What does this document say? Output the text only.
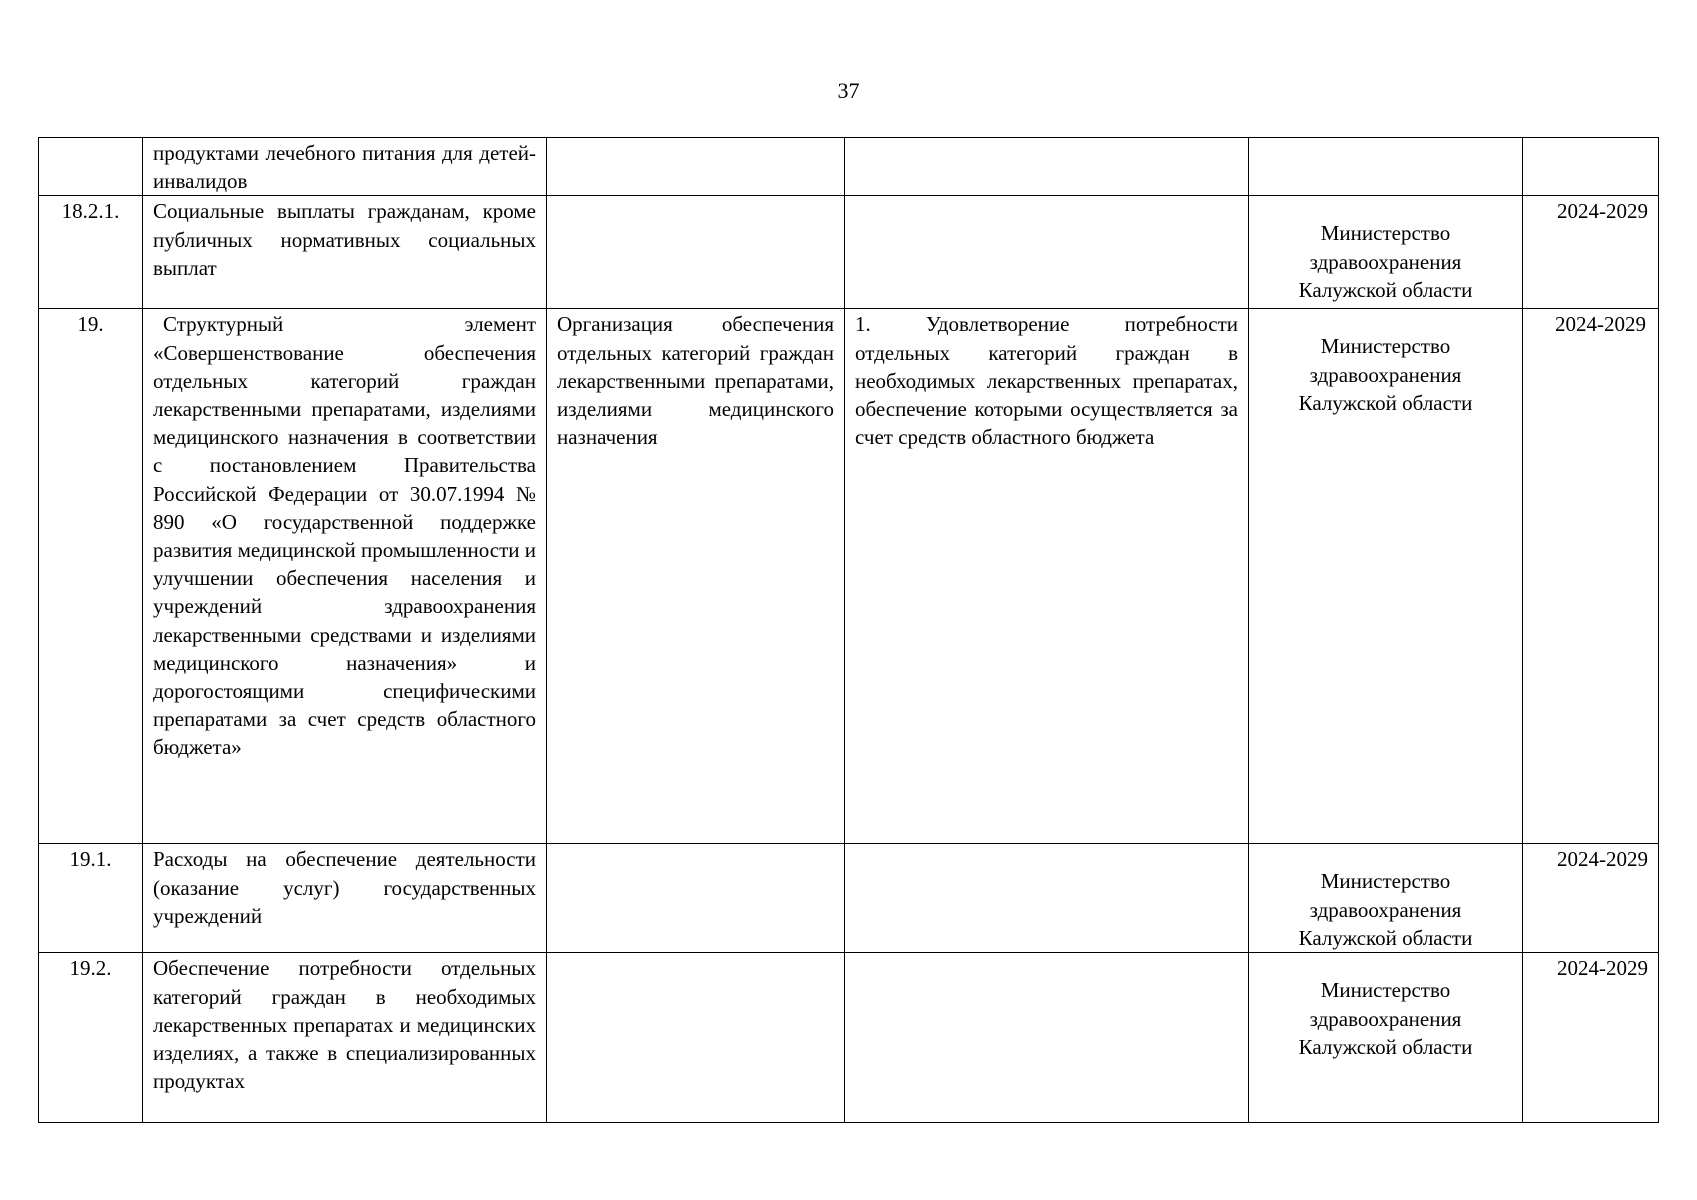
37

	продуктами лечебного питания для детей-инвалидов				

18.2.1.	Социальные выплаты гражданам, кроме публичных нормативных социальных выплат			Министерство здравоохранения Калужской области	2024-2029
19.	Структурный элемент «Совершенствование обеспечения отдельных категорий граждан лекарственными препаратами, изделиями медицинского назначения в соответствии с постановлением Правительства Российской Федерации от 30.07.1994 № 890 «О государственной поддержке развития медицинской промышленности и улучшении обеспечения населения и учреждений здравоохранения лекарственными средствами и изделиями медицинского назначения» и дорогостоящими специфическими препаратами за счет средств областного бюджета»	Организация обеспечения отдельных категорий граждан лекарственными препаратами, изделиями медицинского назначения	1. Удовлетворение потребности отдельных категорий граждан в необходимых лекарственных препаратах, обеспечение которыми осуществляется за счет средств областного бюджета	Министерство здравоохранения Калужской области	2024-2029
19.1.	Расходы на обеспечение деятельности (оказание услуг) государственных учреждений			Министерство здравоохранения Калужской области	2024-2029
19.2.	Обеспечение потребности отдельных категорий граждан в необходимых лекарственных препаратах и медицинских изделиях, а также в специализированных продуктах			Министерство здравоохранения Калужской области	2024-2029
